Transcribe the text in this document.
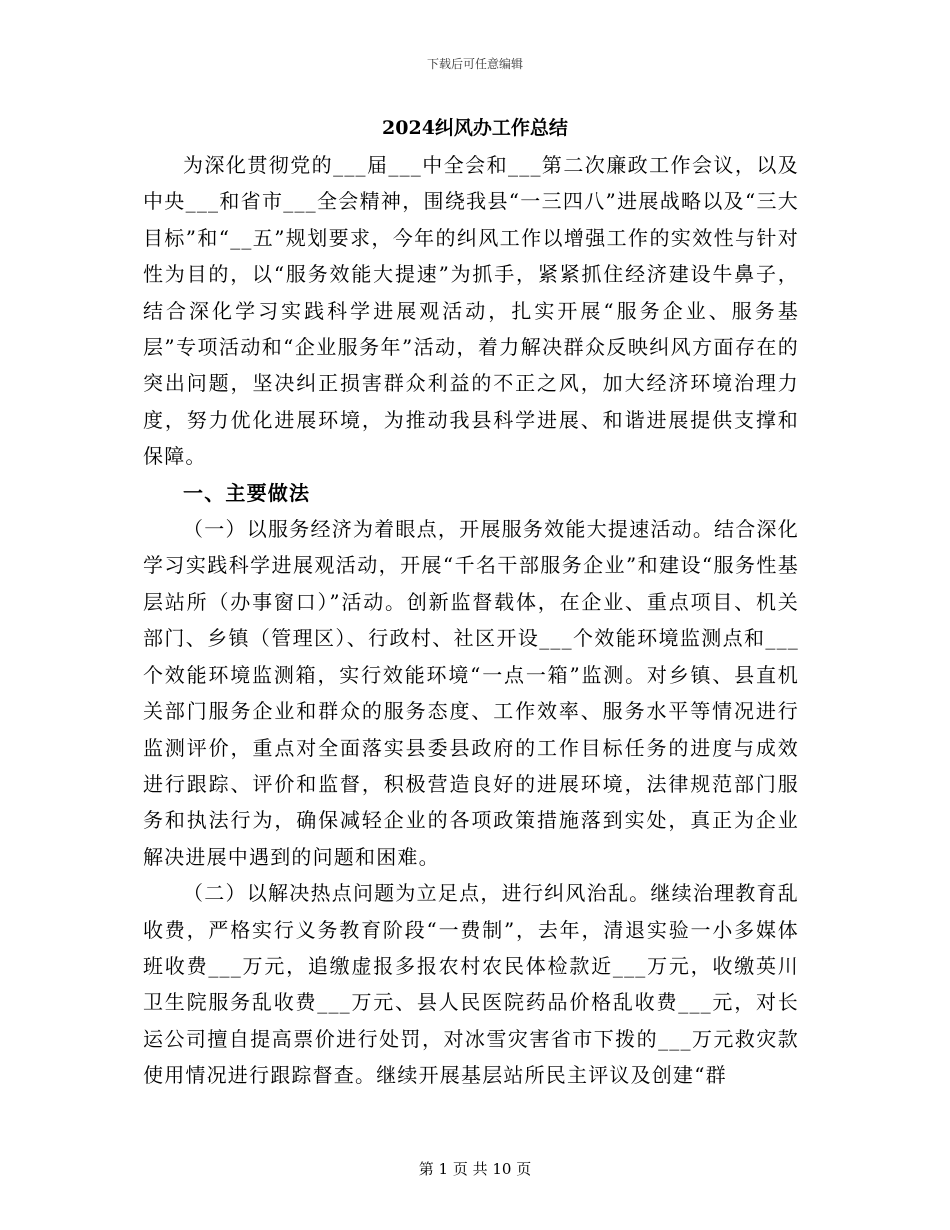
下载后可任意编辑
2024纠风办工作总结

为深化贯彻党的___届___中全会和___第二次廉政工作会议，以及中央___和省市___全会精神，围绕我县“一三四八”进展战略以及“三大目标”和“__五”规划要求，今年的纠风工作以增强工作的实效性与针对性为目的，以“服务效能大提速”为抓手，紧紧抓住经济建设牛鼻子，结合深化学习实践科学进展观活动，扎实开展“服务企业、服务基层”专项活动和“企业服务年”活动，着力解决群众反映纠风方面存在的突出问题，坚决纠正损害群众利益的不正之风，加大经济环境治理力度，努力优化进展环境，为推动我县科学进展、和谐进展提供支撑和保障。

一、主要做法

（一）以服务经济为着眼点，开展服务效能大提速活动。结合深化学习实践科学进展观活动，开展“千名干部服务企业”和建设“服务性基层站所（办事窗口）”活动。创新监督载体，在企业、重点项目、机关部门、乡镇（管理区）、行政村、社区开设___个效能环境监测点和___个效能环境监测箱，实行效能环境“一点一箱”监测。对乡镇、县直机关部门服务企业和群众的服务态度、工作效率、服务水平等情况进行监测评价，重点对全面落实县委县政府的工作目标任务的进度与成效进行跟踪、评价和监督，积极营造良好的进展环境，法律规范部门服务和执法行为，确保减轻企业的各项政策措施落到实处，真正为企业解决进展中遇到的问题和困难。

（二）以解决热点问题为立足点，进行纠风治乱。继续治理教育乱收费，严格实行义务教育阶段“一费制”，去年，清退实验一小多媒体班收费___万元，追缴虚报多报农村农民体检款近___万元，收缴英川卫生院服务乱收费___万元、县人民医院药品价格乱收费___元，对长运公司擅自提高票价进行处罚，对冰雪灾害省市下拨的___万元救灾款使用情况进行跟踪督查。继续开展基层站所民主评议及创建“群

第 1 页 共 10 页
